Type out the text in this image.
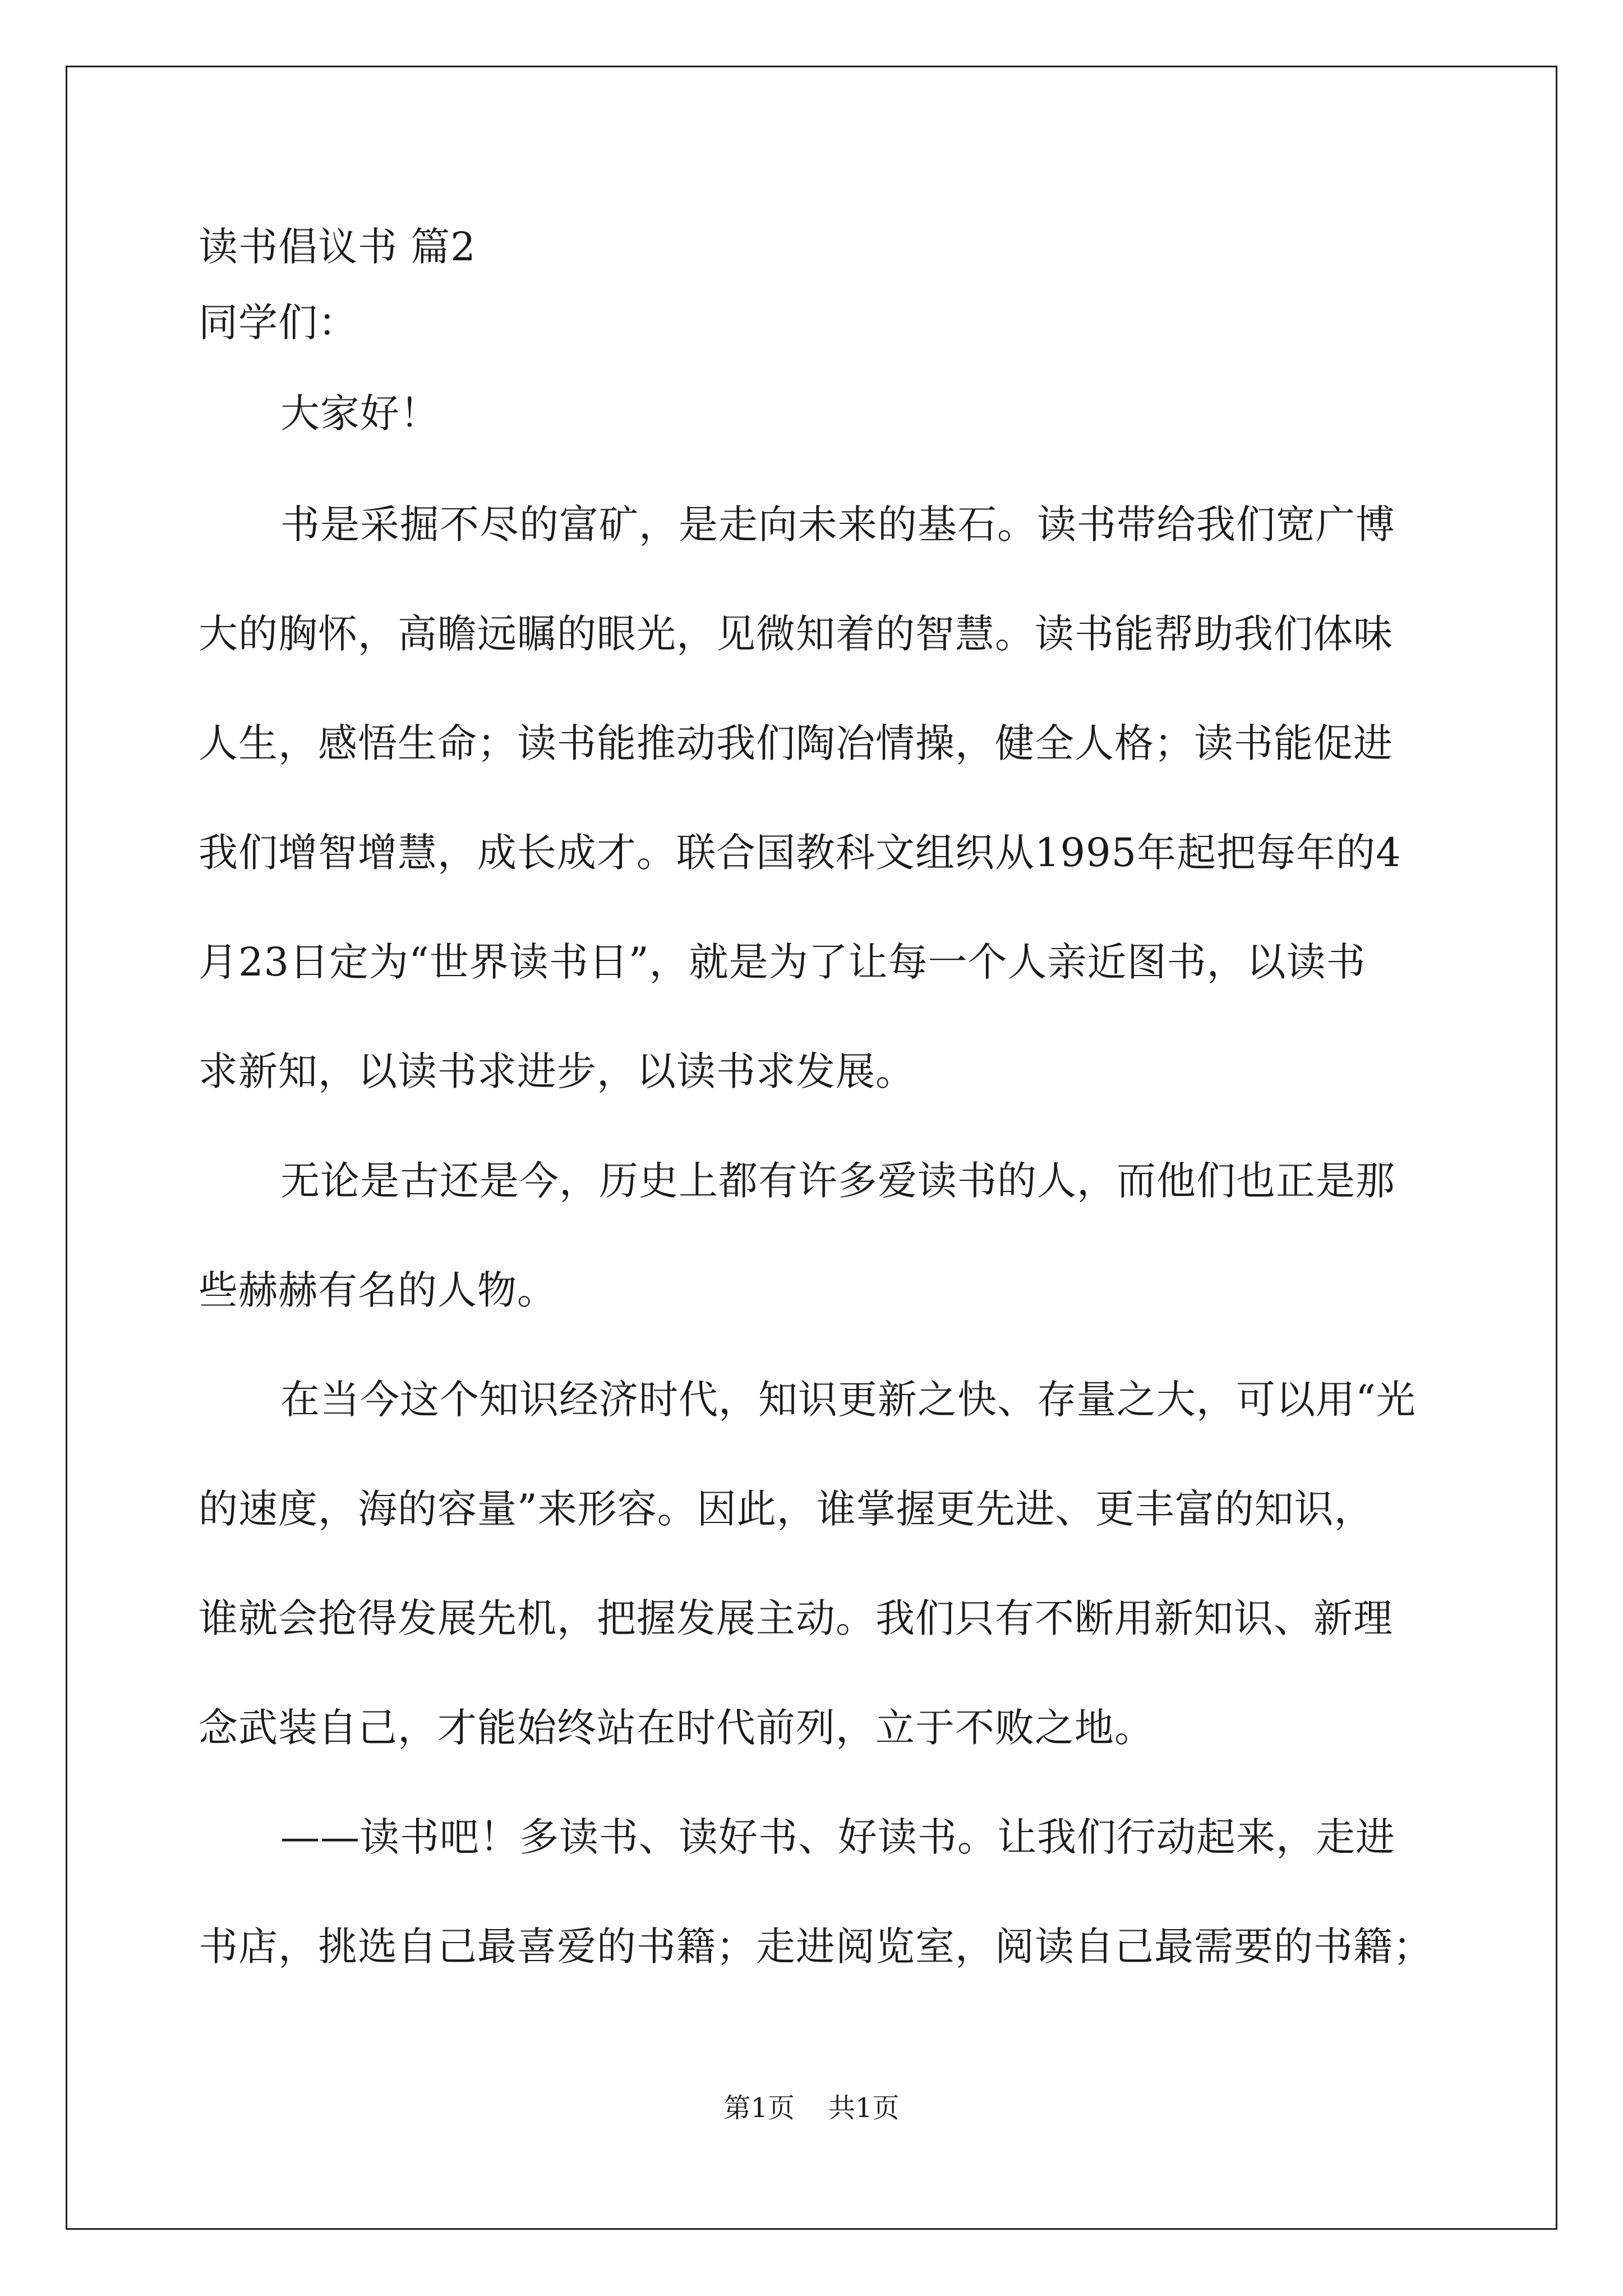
读书倡议书 篇2
同学们：
大家好！
书是采掘不尽的富矿，是走向未来的基石。读书带给我们宽广博
大的胸怀，高瞻远瞩的眼光，见微知着的智慧。读书能帮助我们体味
人生，感悟生命；读书能推动我们陶冶情操，健全人格；读书能促进
我们增智增慧，成长成才。联合国教科文组织从1995年起把每年的4
月23日定为“世界读书日”，就是为了让每一个人亲近图书，以读书
求新知，以读书求进步，以读书求发展。
无论是古还是今，历史上都有许多爱读书的人，而他们也正是那
些赫赫有名的人物。
在当今这个知识经济时代，知识更新之快、存量之大，可以用“光
的速度，海的容量”来形容。因此，谁掌握更先进、更丰富的知识，
谁就会抢得发展先机，把握发展主动。我们只有不断用新知识、新理
念武装自己，才能始终站在时代前列，立于不败之地。
——读书吧！多读书、读好书、好读书。让我们行动起来，走进
书店，挑选自己最喜爱的书籍；走进阅览室，阅读自己最需要的书籍；
第1页 共1页
